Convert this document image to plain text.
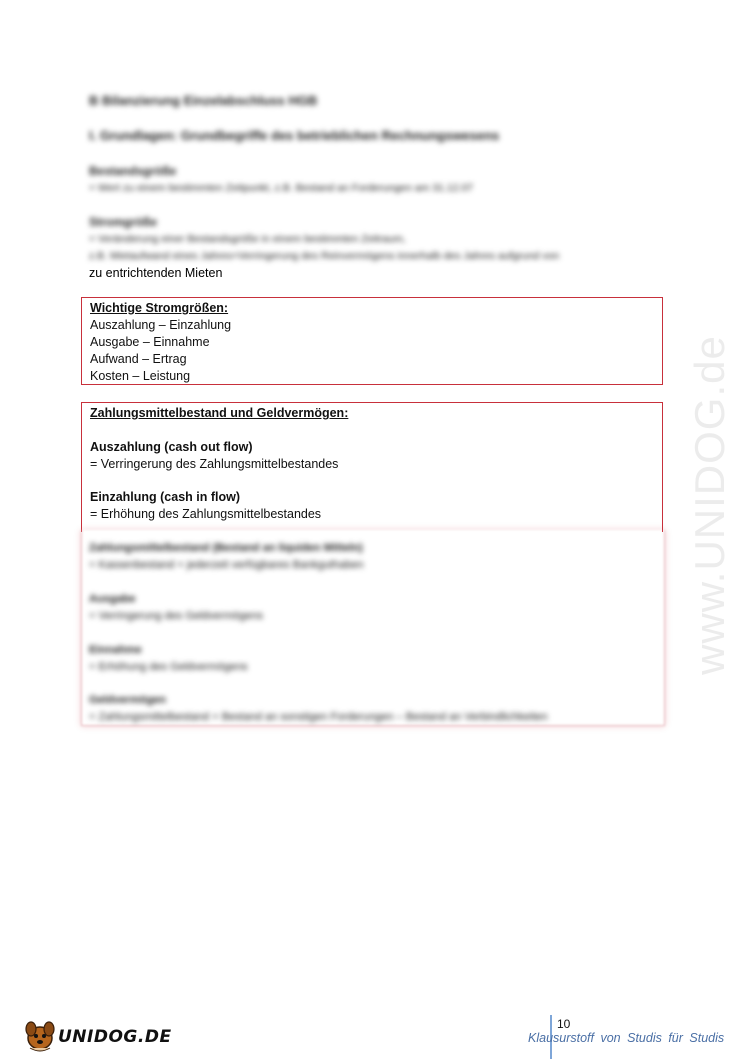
www.UNIDOG.de
B Bilanzierung Einzelabschluss HGB
I. Grundlagen: Grundbegriffe des betrieblichen Rechnungswesens
Bestandsgröße
= Wert zu einem bestimmten Zeitpunkt, z.B. Bestand an Forderungen am 31.12.07
Stromgröße
= Veränderung einer Bestandsgröße in einem bestimmten Zeitraum,
z.B. Mietaufwand eines Jahres=Verringerung des Reinvermögens innerhalb des Jahres aufgrund von
zu entrichtenden Mieten
Wichtige Stromgrößen:
Auszahlung – Einzahlung
Ausgabe – Einnahme
Aufwand – Ertrag
Kosten – Leistung
Zahlungsmittelbestand und Geldvermögen:
Auszahlung (cash out flow)
= Verringerung des Zahlungsmittelbestandes
Einzahlung (cash in flow)
= Erhöhung des Zahlungsmittelbestandes
Zahlungsmittelbestand (Bestand an liquiden Mitteln)
= Kassenbestand + jederzeit verfügbares Bankguthaben
Ausgabe
= Verringerung des Geldvermögens
Einnahme
= Erhöhung des Geldvermögens
Geldvermögen
= Zahlungsmittelbestand + Bestand an sonstigen Forderungen – Bestand an Verbindlichkeiten
UNIDOG.DE
10
Klausurstoff von Studis für Studis
